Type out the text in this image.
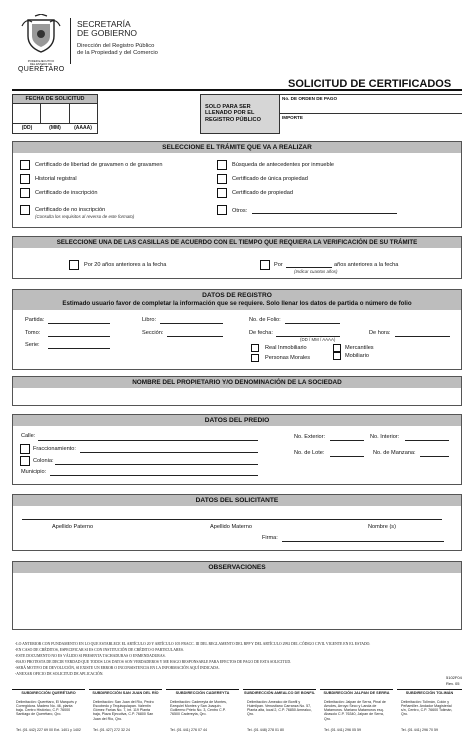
PODER EJECUTIVO
DEL ESTADO DE
QUERÉTARO
SECRETARÍA
DE GOBIERNO
Dirección del Registro Público
de la Propiedad y del Comercio
SOLICITUD DE CERTIFICADOS
FECHA DE SOLICITUD
(DD)	(MM)	(AAAA)
SOLO PARA SER LLENADO POR EL REGISTRO PÚBLICO
No. DE ORDEN DE PAGO
IMPORTE
SELECCIONE EL TRÁMITE QUE VA A REALIZAR
Certificado de libertad de gravamen o de gravamen
Historial registral
Certificado de inscripción
Certificado de no inscripción
(Consulta los requisitos al reverso de este formato)
Búsqueda de antecedentes por inmueble
Certificado de única propiedad
Certificado de propiedad
Otros:
SELECCIONE UNA DE LAS CASILLAS DE ACUERDO CON EL TIEMPO QUE REQUIERA LA VERIFICACIÓN DE SU TRÁMITE
Por 20 años anteriores a la fecha	Por	años anteriores a la fecha
(Indicar cuantos años)
DATOS DE REGISTRO
Estimado usuario favor de completar la información que se requiere. Solo llenar los datos de partida o número de folio
Partida:	Libro:	No. de Folio:
Tomo:	Sección:	De fecha:	De hora:
(DD / MM / AAAA)
Serie:	Real Inmobiliario	Mercantiles
Personas Morales	Mobiliario
NOMBRE DEL PROPIETARIO Y/O DENOMINACIÓN DE LA SOCIEDAD
DATOS DEL PREDIO
Calle:	No. Exterior:	No. Interior:
Fraccionamiento:
No. de Lote:	No. de Manzana:
Colonia:
Municipio:
DATOS DEL SOLICITANTE
Apellido Paterno	Apellido Materno	Nombre (s)
Firma:
OBSERVACIONES
-LO ANTERIOR CON FUNDAMENTO EN LO QUE ESTABLECE EL ARTÍCULO 20 Y ARTÍCULO 105 FRACC. III DEL REGLAMENTO DEL RPP Y DEL ARTÍCULO 2992 DEL CÓDIGO CIVIL VIGENTE EN EL ESTADO.
-EN CASO DE CRÉDITOS, ESPECIFICAR SI ES CON INSTITUCIÓN DE CRÉDITO O PARTICULARES.
-ESTE DOCUMENTO NO ES VÁLIDO SI PRESENTA TACHADURAS O ENMENDADURAS.
-BAJO PROTESTA DE DECIR VERDAD QUE TODOS LOS DATOS SON VERDADEROS Y ME HAGO RESPONSABLE PARA EFECTOS DE PAGO DE ESTA SOLICITUD.
-SERÁ MOTIVO DE DEVOLUCIÓN, SI EXISTE UN ERROR O INCONSISTENCIA EN LA INFORMACIÓN AQUÍ INDICADA.
-ANEXAR OFICIO DE SOLICITUD DE APLICACIÓN.
5102F04
Rev. 05
SUBDIRECCIÓN QUERÉTARO
Delimitación: Querétaro, El Marqués y Corregidora. Madero No. 46, planta baja. Centro Histórico, C.P. 76000 Santiago de Querétaro, Qro.
Tel. (01 442) 227 69 00 Ext. 1401 y 1402
SUBDIRECCIÓN SAN JUAN DEL RÍO
Delimitación: San Juan del Río, Pedro Escobedo y Tequisquiapan. Valentín Gómez Farías No. 7, int. 119 Planta baja, Plaza Ejecutiva, C.P. 76800 San Juan del Río, Qro.
Tel. (01 427) 272 32 24
SUBDIRECCIÓN CADEREYTA
Delimitación: Cadereyta de Montes, Ezequiel Montes y San Joaquín. Guillermo Prieto No. 3, Centro C.P. 76500 Cadereyta, Qro.
Tel. (01 441) 276 07 44
SUBDIRECCIÓN AMEALCO DE BONFIL
Delimitación: Amealco de Bonfil y Huimilpan. Venustiano Carranza No. 57, Planta alta, local 2, C.P. 76850 Amealco, Qro.
Tel. (01 448) 278 01 80
SUBDIRECCIÓN JALPAN DE SERRA
Delimitación: Jalpan de Serra, Pinal de Amoles, Arroyo Seco y Landa de Matamoros. Mariano Matamoros esq. Abasolo C.P. 76340, Jalpan de Serra, Qro.
Tel. (01 441) 296 05 59
SUBDIRECCIÓN TOLIMÁN
Delimitación: Tolimán, Colón y Peñamiller. Andador Magisterial s/n, Centro, C.P. 76600 Tolimán, Qro.
Tel. (01 441) 296 70 59
